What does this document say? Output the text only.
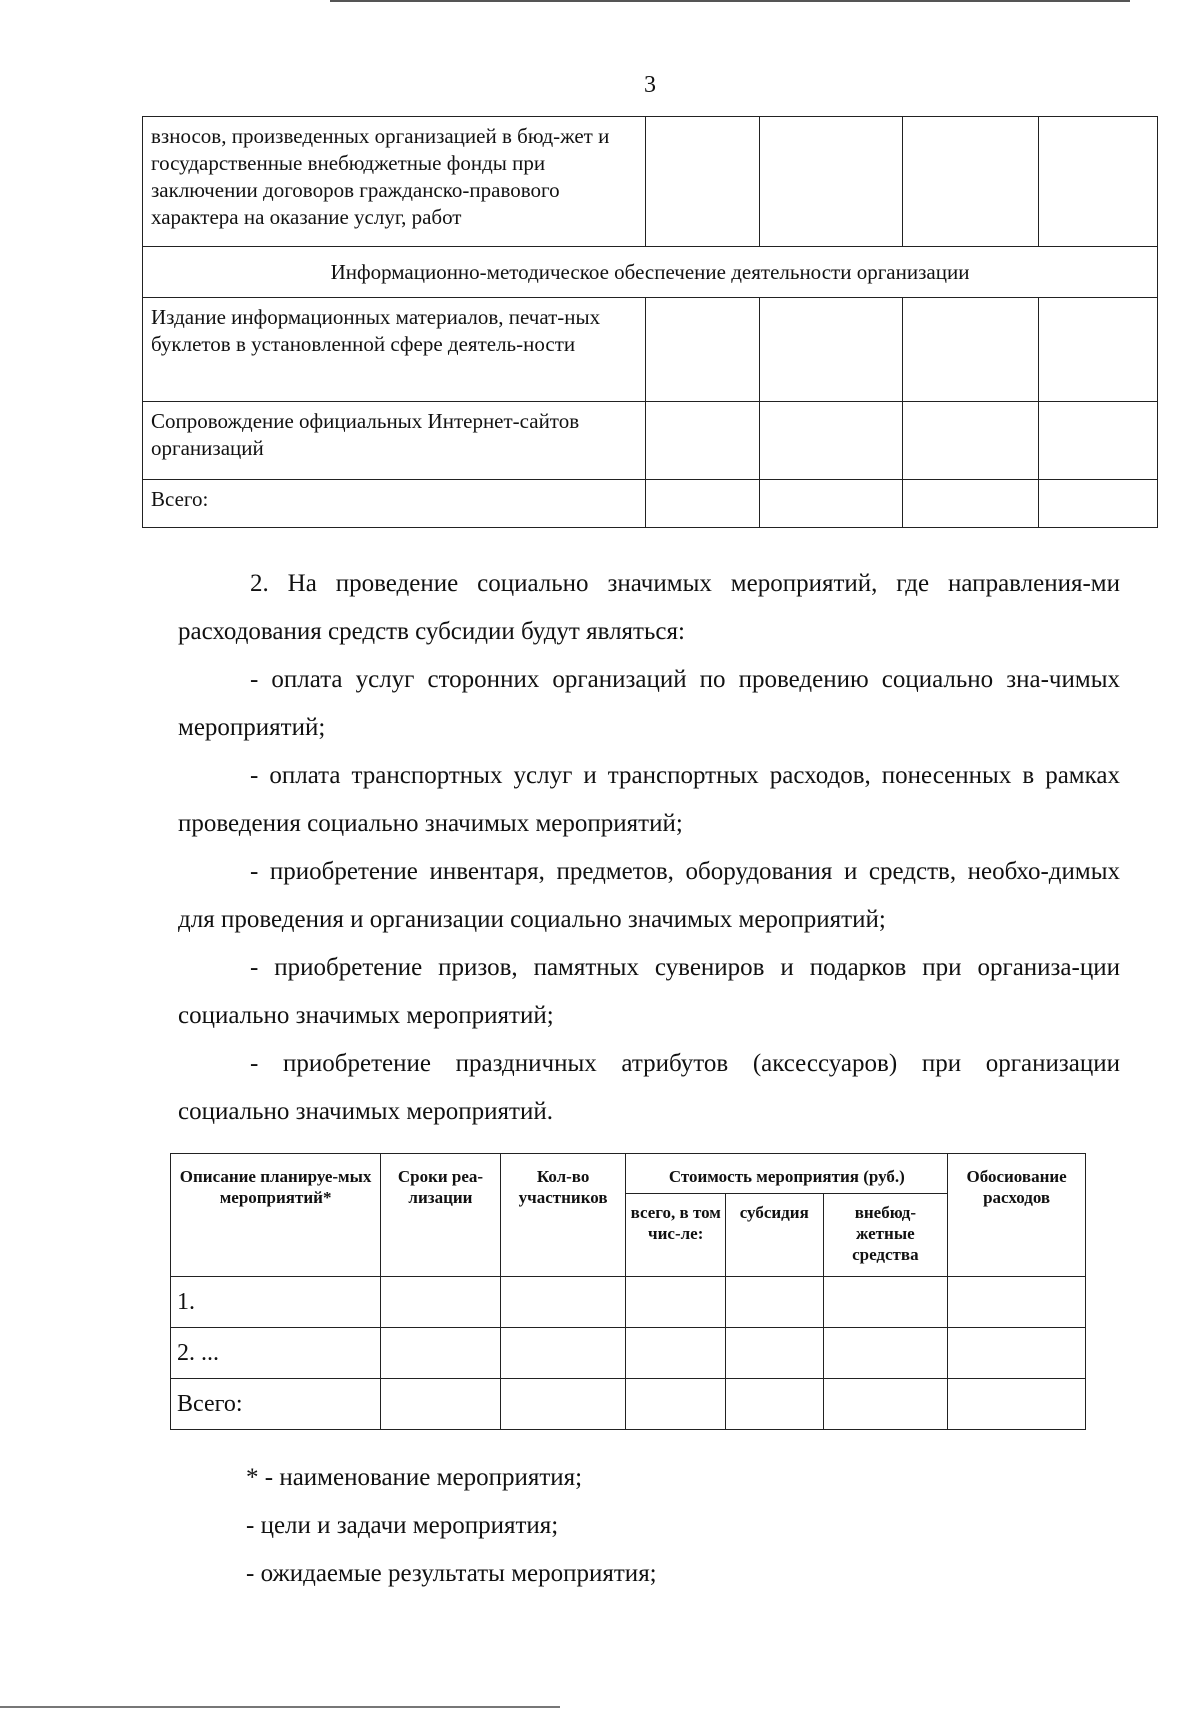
3
взносов, произведенных организацией в бюд-жет и государственные внебюджетные фонды при заключении договоров гражданско-правового характера на оказание услуг, работ				
Информационно-методическое обеспечение деятельности организации				
Издание информационных материалов, печат-ных буклетов в установленной сфере деятель-ности				
Сопровождение официальных Интернет-сайтов организаций				
Всего:				

2. На проведение социально значимых мероприятий, где направления-ми расходования средств субсидии будут являться:

- оплата услуг сторонних организаций по проведению социально зна-чимых мероприятий;

- оплата транспортных услуг и транспортных расходов, понесенных в рамках проведения социально значимых мероприятий;

- приобретение инвентаря, предметов, оборудования и средств, необхо-димых для проведения и организации социально значимых мероприятий;

- приобретение призов, памятных сувениров и подарков при организа-ции социально значимых мероприятий;

- приобретение праздничных атрибутов (аксессуаров) при организации социально значимых мероприятий.

Описание планируе-мых мероприятий*	Сроки реа-лизации	Кол-во участников	Стоимость мероприятия (руб.)			Обосиование расходов
			всего, в том чис-ле:	субсидия	внебюд-жетные средства	
1.						
2. ...						
Всего:						

* - наименование мероприятия;

- цели и задачи мероприятия;

- ожидаемые результаты мероприятия;
